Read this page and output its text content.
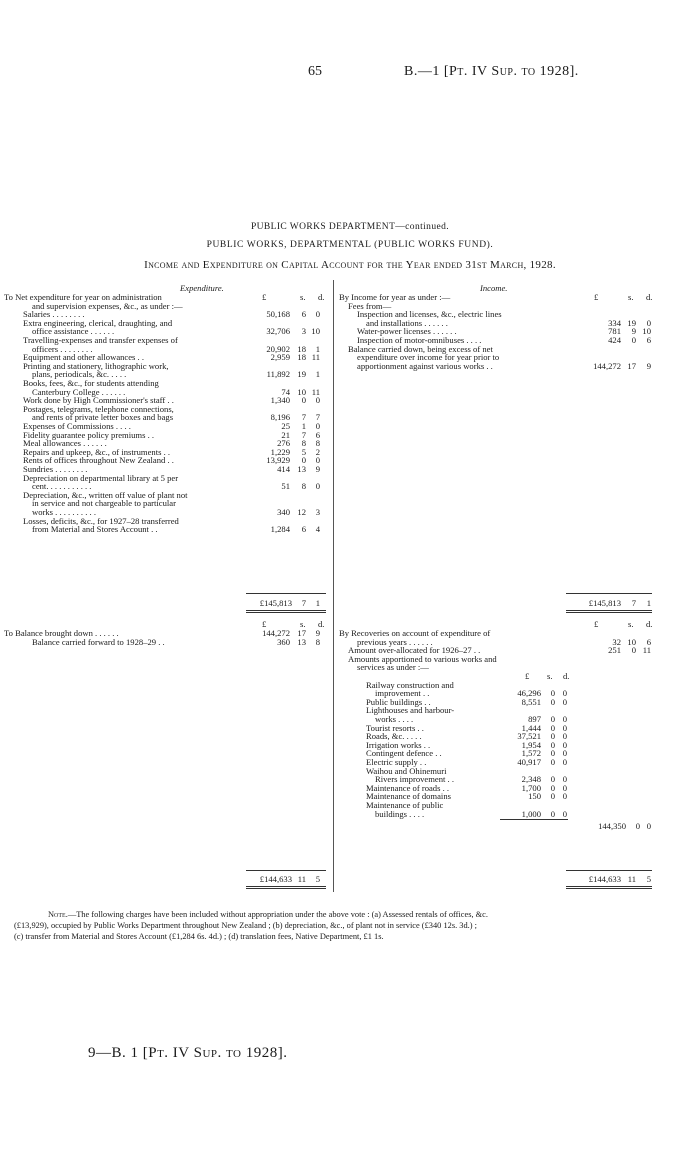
65	B.—1 [Pt. IV Sup. to 1928].
PUBLIC WORKS DEPARTMENT—continued.
PUBLIC WORKS, DEPARTMENTAL (PUBLIC WORKS FUND).
Income and Expenditure on Capital Account for the Year ended 31st March, 1928.
Expenditure.	Income.
Note.—The following charges have been included without appropriation under the above vote : (a) Assessed rentals of offices, &c.
(£13,929), occupied by Public Works Department throughout New Zealand ; (b) depreciation, &c., of plant not in service (£340 12s. 3d.) ;
(c) transfer from Material and Stores Account (£1,284 6s. 4d.) ; (d) translation fees, Native Department, £1 1s.
9—B. 1 [Pt. IV Sup. to 1928].
£	s. d.
To Net expenditure for year on administration
and supervision expenses, &c., as under :—
Salaries . . . . . . . .	50,168 6 0
Extra engineering, clerical, draughting, and
office assistance . . . . . .	32,706 3 10
Travelling-expenses and transfer expenses of
officers . . . . . . . .	20,902 18 1
Equipment and other allowances . .	2,959 18 11
Printing and stationery, lithographic work,
plans, periodicals, &c. . . . .	11,892 19 1
Books, fees, &c., for students attending
Canterbury College . . . . . .	74 10 11
Work done by High Commissioner's staff . .	1,340 0 0
Postages, telegrams, telephone connections,
and rents of private letter boxes and bags	8,196 7 7
Expenses of Commissions . . . .	25 1 0
Fidelity guarantee policy premiums . .	21 7 6
Meal allowances . . . . . .	276 8 8
Repairs and upkeep, &c., of instruments . .	1,229 5 2
Rents of offices throughout New Zealand . .	13,929 0 0
Sundries . . . . . . . .	414 13 9
Depreciation on departmental library at 5 per
cent. . . . . . . . . . .	51 8 0
Depreciation, &c., written off value of plant not
in service and not chargeable to particular
works . . . . . . . . . .	340 12 3
Losses, deficits, &c., for 1927–28 transferred
from Material and Stores Account . .	1,284 6 4
£145,813 7 1
£	s. d.
To Balance brought down . . . . . .	144,272 17 9
Balance carried forward to 1928–29 . .	360 13 8
£144,633 11 5
£	s. d.
By Income for year as under :—
Fees from—
Inspection and licenses, &c., electric lines
and installations . . . . . .	334 19 0
Water-power licenses . . . . . .	781 9 10
Inspection of motor-omnibuses . . . .	424 0 6
Balance carried down, being excess of net
expenditure over income for year prior to
apportionment against various works . .	144,272 17 9
£145,813 7 1
£	s. d.
By Recoveries on account of expenditure of
previous years . . . . . .	32 10 6
Amount over-allocated for 1926–27 . .	251 0 11
Amounts apportioned to various works and
services as under :—
£ s. d.
Railway construction and
improvement . .	46,296 0 0
Public buildings . .	8,551 0 0
Lighthouses and harbour-
works . . . .	897 0 0
Tourist resorts . .	1,444 0 0
Roads, &c. . . . .	37,521 0 0
Irrigation works . .	1,954 0 0
Contingent defence . .	1,572 0 0
Electric supply . .	40,917 0 0
Waihou and Ohinemuri
Rivers improvement . .	2,348 0 0
Maintenance of roads . .	1,700 0 0
Maintenance of domains	150 0 0
Maintenance of public
buildings . . . .	1,000 0 0
144,350 0 0
£144,633 11 5
